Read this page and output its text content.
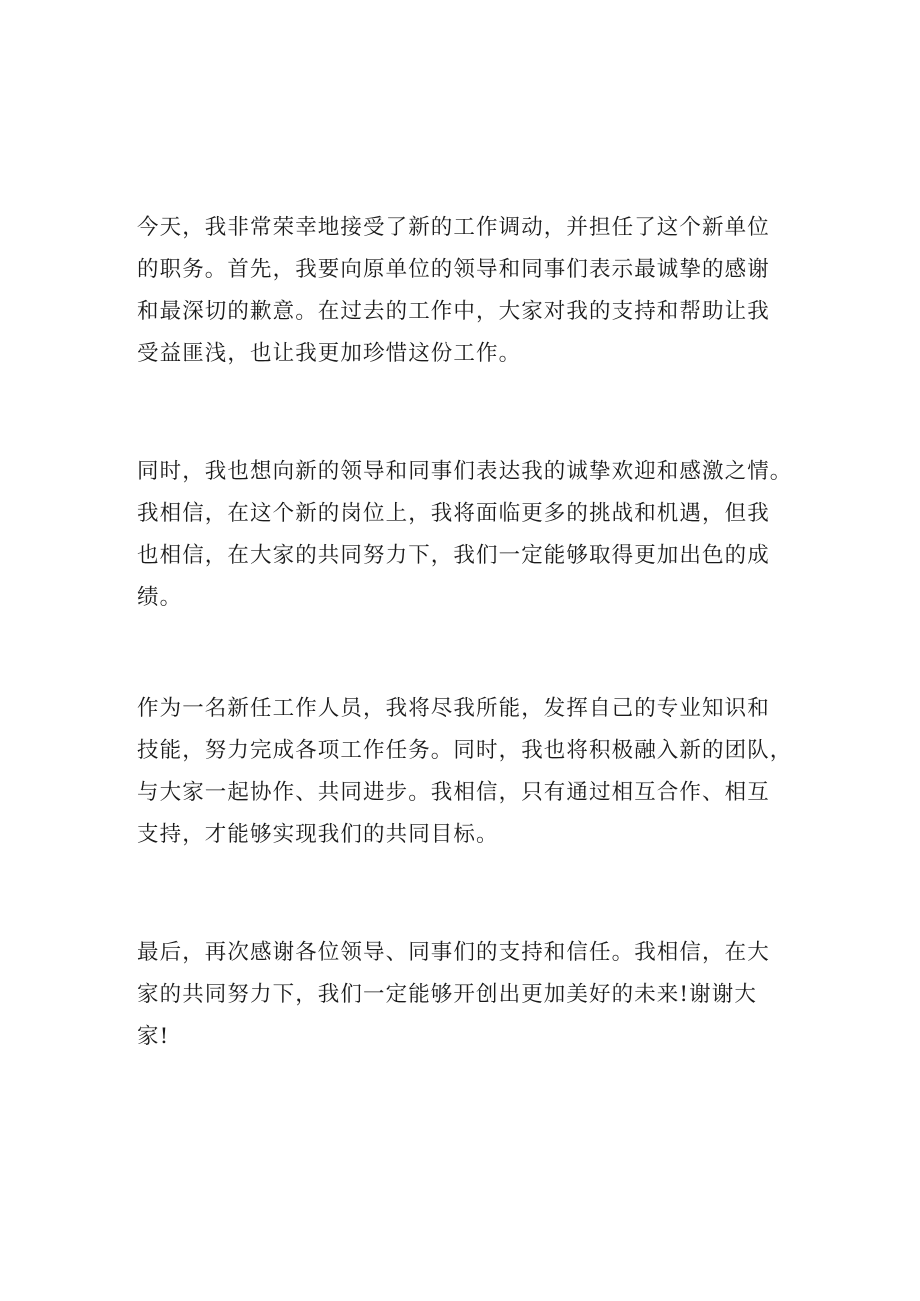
今天，我非常荣幸地接受了新的工作调动，并担任了这个新单位
的职务。首先，我要向原单位的领导和同事们表示最诚挚的感谢
和最深切的歉意。在过去的工作中，大家对我的支持和帮助让我
受益匪浅，也让我更加珍惜这份工作。

同时，我也想向新的领导和同事们表达我的诚挚欢迎和感激之情。
我相信，在这个新的岗位上，我将面临更多的挑战和机遇，但我
也相信，在大家的共同努力下，我们一定能够取得更加出色的成
绩。

作为一名新任工作人员，我将尽我所能，发挥自己的专业知识和
技能，努力完成各项工作任务。同时，我也将积极融入新的团队，
与大家一起协作、共同进步。我相信，只有通过相互合作、相互
支持，才能够实现我们的共同目标。

最后，再次感谢各位领导、同事们的支持和信任。我相信，在大
家的共同努力下，我们一定能够开创出更加美好的未来!谢谢大
家!
